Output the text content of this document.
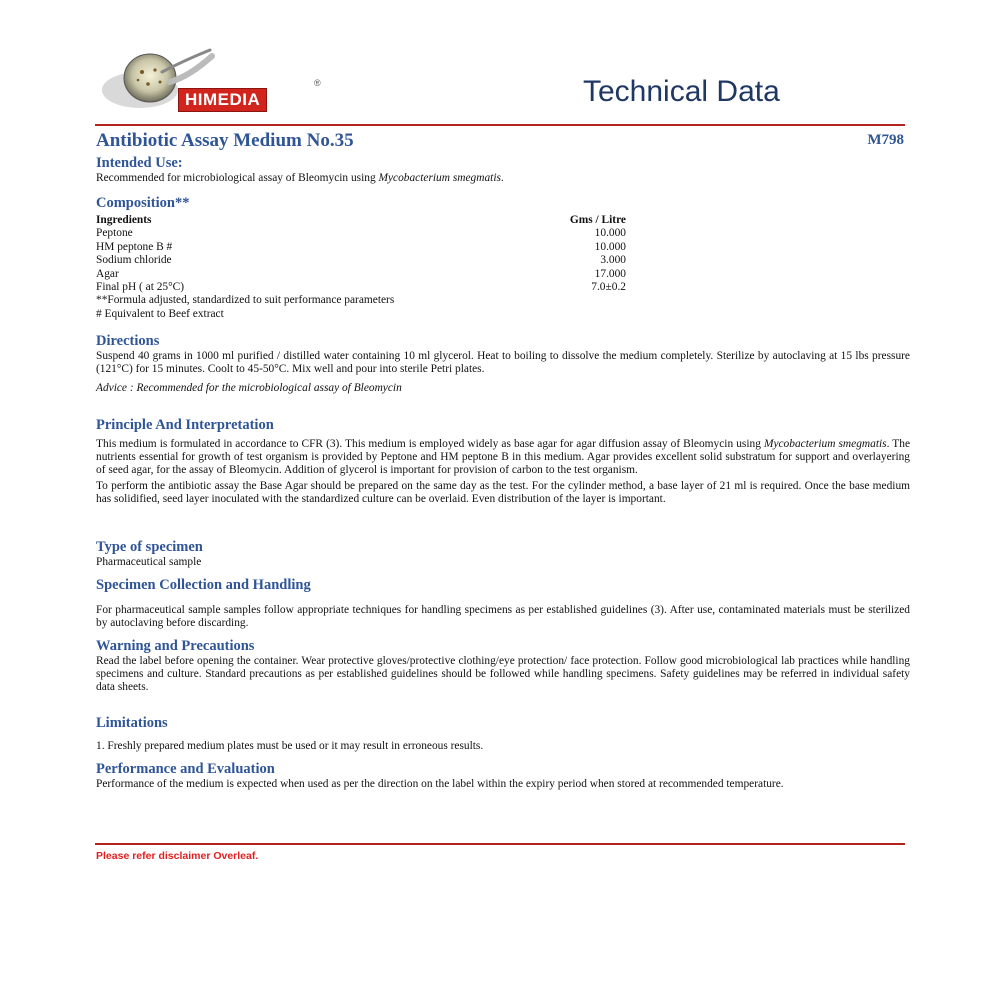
HIMEDIA
®	Technical Data
Antibiotic Assay Medium No.35	M798
Intended Use:
Recommended for microbiological assay of Bleomycin using Mycobacterium smegmatis.
Composition**
Ingredients	Gms / Litre
Peptone	10.000
HM peptone B #	10.000
Sodium chloride	3.000
Agar	17.000
Final pH ( at 25°C)	7.0±0.2
**Formula adjusted, standardized to suit performance parameters
# Equivalent to Beef extract
Directions

Suspend 40 grams in 1000 ml purified / distilled water containing 10 ml glycerol. Heat to boiling to dissolve the medium completely. Sterilize by autoclaving at 15 lbs pressure (121°C) for 15 minutes. Coolt to 45-50°C. Mix well and pour into sterile Petri plates.

Advice : Recommended for the microbiological assay of Bleomycin

Principle And Interpretation

This medium is formulated in accordance to CFR (3). This medium is employed widely as base agar for agar diffusion assay of Bleomycin using Mycobacterium smegmatis. The nutrients essential for growth of test organism is provided by Peptone and HM peptone B in this medium. Agar provides excellent solid substratum for support and overlayering of seed agar, for the assay of Bleomycin. Addition of glycerol is important for provision of carbon to the test organism.

To perform the antibiotic assay the Base Agar should be prepared on the same day as the test. For the cylinder method, a base layer of 21 ml is required. Once the base medium has solidified, seed layer inoculated with the standardized culture can be overlaid. Even distribution of the layer is important.

Type of specimen
Pharmaceutical sample
Specimen Collection and Handling

For pharmaceutical sample samples follow appropriate techniques for handling specimens as per established guidelines (3). After use, contaminated materials must be sterilized by autoclaving before discarding.

Warning and Precautions

Read the label before opening the container. Wear protective gloves/protective clothing/eye protection/ face protection. Follow good microbiological lab practices while handling specimens and culture. Standard precautions as per established guidelines should be followed while handling specimens. Safety guidelines may be referred in individual safety data sheets.

Limitations
1. Freshly prepared medium plates must be used or it may result in erroneous results.
Performance and Evaluation

Performance of the medium is expected when used as per the direction on the label within the expiry period when stored at recommended temperature.

Please refer disclaimer Overleaf.
